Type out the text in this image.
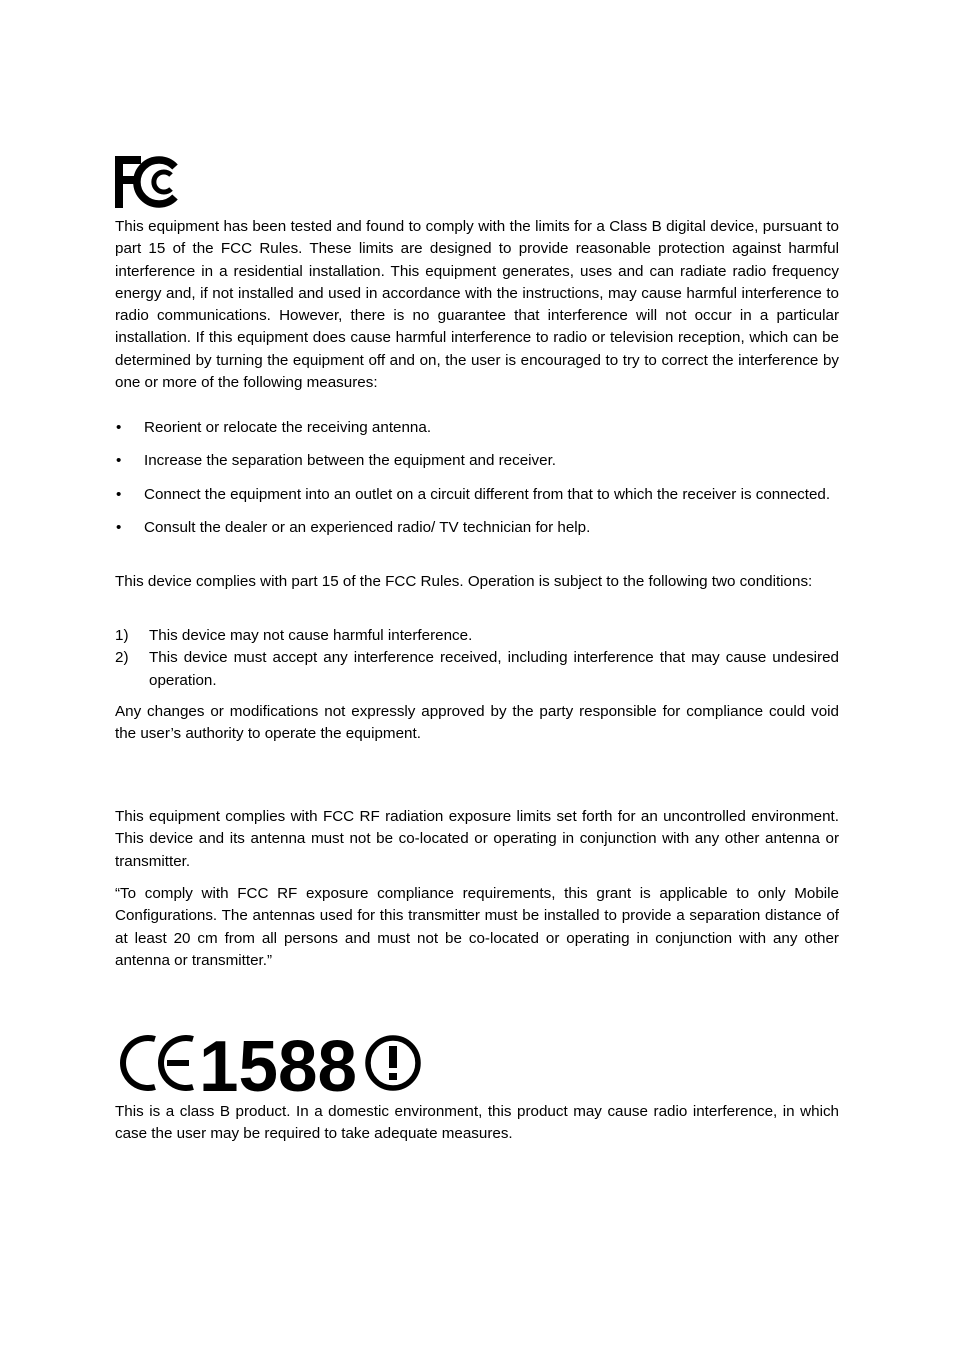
This equipment has been tested and found to comply with the limits for a Class B digital device, pursuant to part 15 of the FCC Rules. These limits are designed to provide reasonable protection against harmful interference in a residential installation. This equipment generates, uses and can radiate radio frequency energy and, if not installed and used in accordance with the instructions, may cause harmful interference to radio communications. However, there is no guarantee that interference will not occur in a particular installation. If this equipment does cause harmful interference to radio or television reception, which can be determined by turning the equipment off and on, the user is encouraged to try to correct the interference by one or more of the following measures:

• Reorient or relocate the receiving antenna.
• Increase the separation between the equipment and receiver.
• Connect the equipment into an outlet on a circuit different from that to which the receiver is connected.
• Consult the dealer or an experienced radio/ TV technician for help.

This device complies with part 15 of the FCC Rules. Operation is subject to the following two conditions:

1) This device may not cause harmful interference.
2) This device must accept any interference received, including interference that may cause undesired operation.

Any changes or modifications not expressly approved by the party responsible for compliance could void the user’s authority to operate the equipment.

This equipment complies with FCC RF radiation exposure limits set forth for an uncontrolled environment. This device and its antenna must not be co-located or operating in conjunction with any other antenna or transmitter.

“To comply with FCC RF exposure compliance requirements, this grant is applicable to only Mobile Configurations. The antennas used for this transmitter must be installed to provide a separation distance of at least 20 cm from all persons and must not be co-located or operating in conjunction with any other antenna or transmitter.”

This is a class B product. In a domestic environment, this product may cause radio interference, in which case the user may be required to take adequate measures.

1588
